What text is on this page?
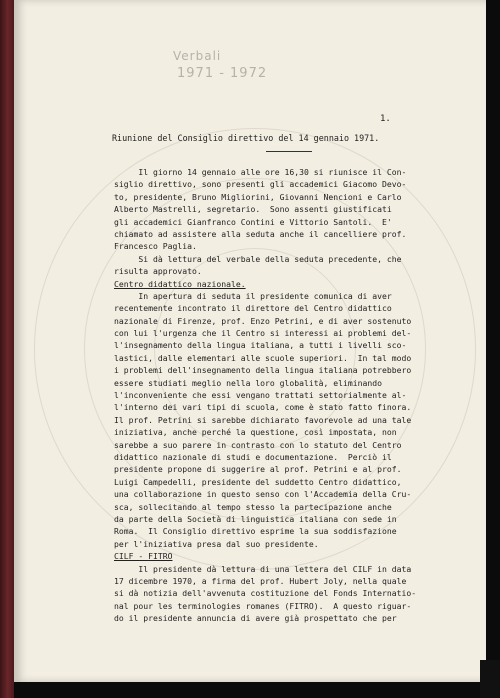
Verbali
1971 - 1972
1.
Riunione del Consiglio direttivo del 14 gennaio 1971.
Il giorno 14 gennaio alle ore 16,30 si riunisce il Con-
siglio direttivo, sono presenti gli accademici Giacomo Devo-
to, presidente, Bruno Migliorini, Giovanni Nencioni e Carlo
Alberto Mastrelli, segretario.  Sono assenti giustificati
gli accademici Gianfranco Contini e Vittorio Santoli.  E'
chiamato ad assistere alla seduta anche il cancelliere prof.
Francesco Paglia.
Si dà lettura del verbale della seduta precedente, che
risulta approvato.
Centro didattico nazionale.
In apertura di seduta il presidente comunica di aver
recentemente incontrato il direttore del Centro didattico
nazionale di Firenze, prof. Enzo Petrini, e di aver sostenuto
con lui l'urgenza che il Centro si interessi ai problemi del-
l'insegnamento della lingua italiana, a tutti i livelli sco-
lastici, dalle elementari alle scuole superiori.  In tal modo
i problemi dell'insegnamento della lingua italiana potrebbero
essere studiati meglio nella loro globalità, eliminando
l'inconveniente che essi vengano trattati settorialmente al-
l'interno dei vari tipi di scuola, come è stato fatto finora.
Il prof. Petrini si sarebbe dichiarato favorevole ad una tale
iniziativa, anche perché la questione, così impostata, non
sarebbe a suo parere in contrasto con lo statuto del Centro
didattico nazionale di studi e documentazione.  Perciò il
presidente propone di suggerire al prof. Petrini e al prof.
Luigi Campedelli, presidente del suddetto Centro didattico,
una collaborazione in questo senso con l'Accademia della Cru-
sca, sollecitando al tempo stesso la partecipazione anche
da parte della Società di linguistica italiana con sede in
Roma.  Il Consiglio direttivo esprime la sua soddisfazione
per l'iniziativa presa dal suo presidente.
CILF - FITRO
Il presidente dà lettura di una lettera del CILF in data
17 dicembre 1970, a firma del prof. Hubert Joly, nella quale
si dà notizia dell'avvenuta costituzione del Fonds Internatio-
nal pour les terminologies romanes (FITRO).  A questo riguar-
do il presidente annuncia di avere già prospettato che per
